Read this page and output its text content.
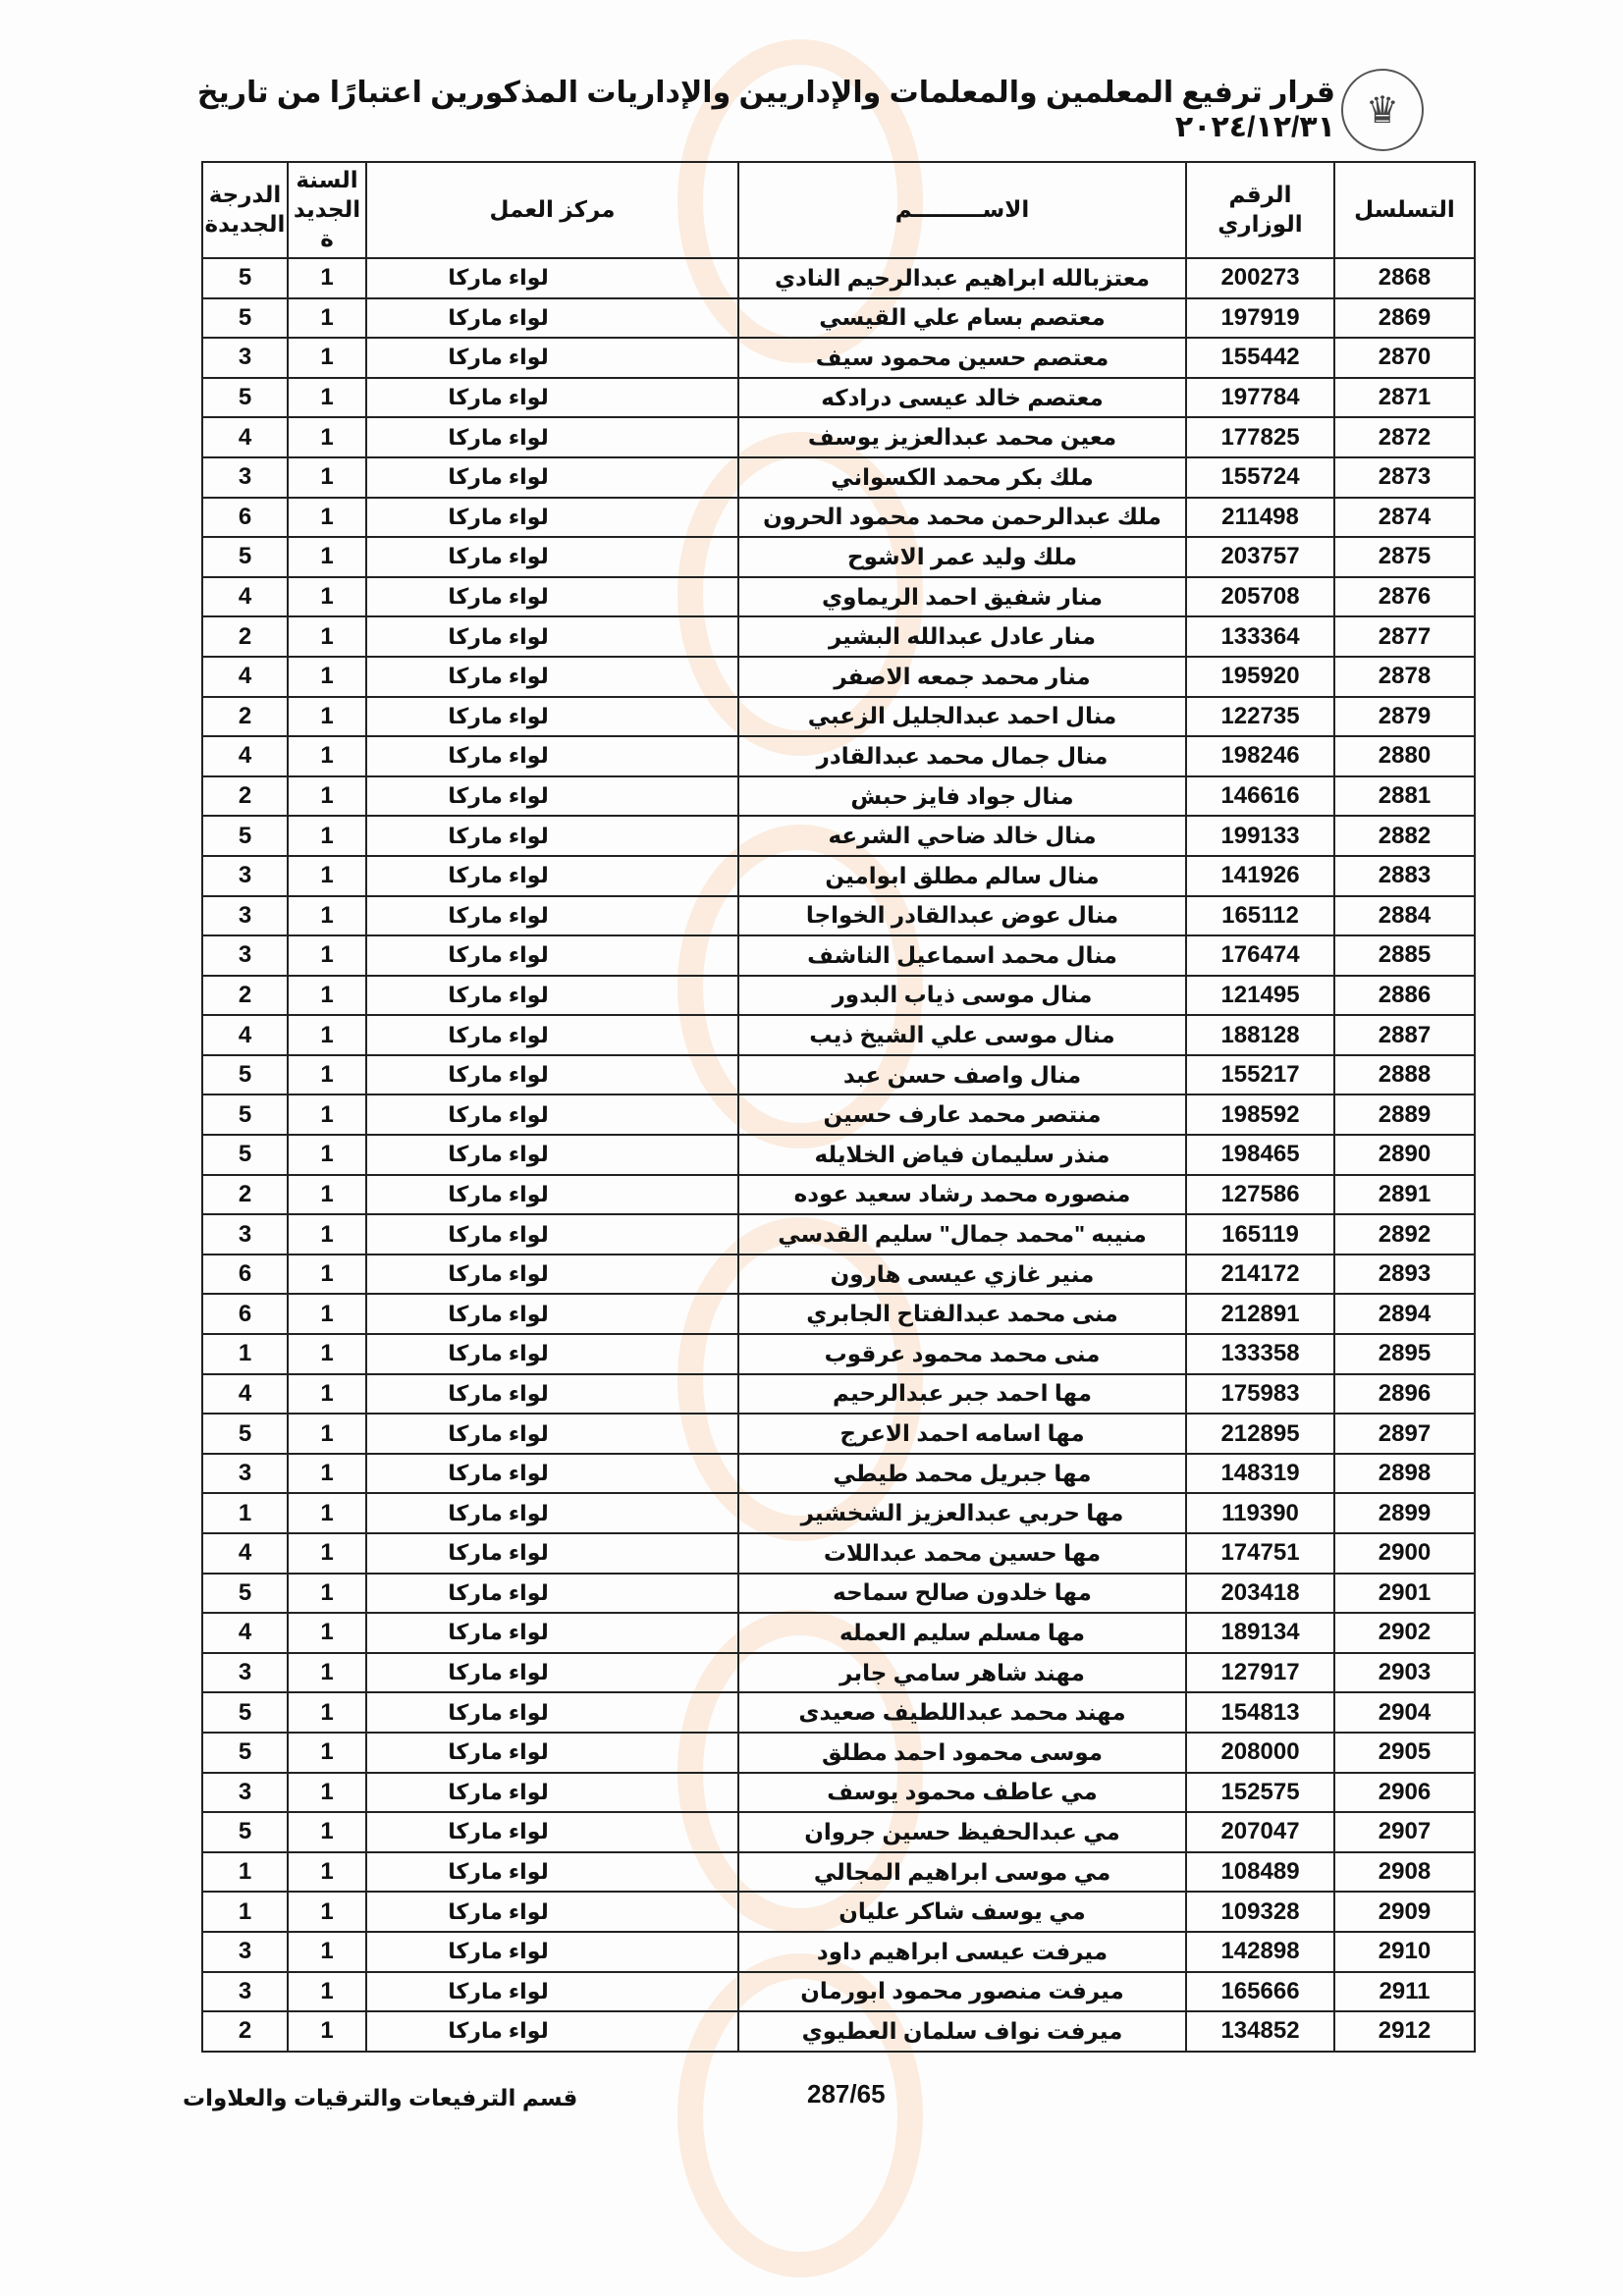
♛
قرار ترفيع المعلمين والمعلمات والإداريين والإداريات المذكورين اعتبارًا من تاريخ ٢٠٢٤/١٢/٣١
التسلسل	الرقم الوزاري	الاســـــــــم	مركز العمل	السنة الجديدة	الدرجة الجديدة
2868	200273	معتزبالله ابراهيم عبدالرحيم النادي	لواء ماركا	1	5
2869	197919	معتصم بسام علي القيسي	لواء ماركا	1	5
2870	155442	معتصم حسين محمود سيف	لواء ماركا	1	3
2871	197784	معتصم خالد عيسى درادكه	لواء ماركا	1	5
2872	177825	معين محمد عبدالعزيز يوسف	لواء ماركا	1	4
2873	155724	ملك بكر محمد الكسواني	لواء ماركا	1	3
2874	211498	ملك عبدالرحمن محمد محمود الحرون	لواء ماركا	1	6
2875	203757	ملك وليد عمر الاشوح	لواء ماركا	1	5
2876	205708	منار شفيق احمد الريماوي	لواء ماركا	1	4
2877	133364	منار عادل عبدالله البشير	لواء ماركا	1	2
2878	195920	منار محمد جمعه الاصفر	لواء ماركا	1	4
2879	122735	منال احمد عبدالجليل الزعبي	لواء ماركا	1	2
2880	198246	منال جمال محمد عبدالقادر	لواء ماركا	1	4
2881	146616	منال جواد فايز حبش	لواء ماركا	1	2
2882	199133	منال خالد ضاحي الشرعه	لواء ماركا	1	5
2883	141926	منال سالم مطلق ابوامين	لواء ماركا	1	3
2884	165112	منال عوض عبدالقادر الخواجا	لواء ماركا	1	3
2885	176474	منال محمد اسماعيل الناشف	لواء ماركا	1	3
2886	121495	منال موسى ذياب البدور	لواء ماركا	1	2
2887	188128	منال موسى علي الشيخ ذيب	لواء ماركا	1	4
2888	155217	منال واصف حسن عبد	لواء ماركا	1	5
2889	198592	منتصر محمد عارف حسين	لواء ماركا	1	5
2890	198465	منذر سليمان فياض الخلايله	لواء ماركا	1	5
2891	127586	منصوره محمد رشاد سعيد عوده	لواء ماركا	1	2
2892	165119	منيبه "محمد جمال" سليم القدسي	لواء ماركا	1	3
2893	214172	منير غازي عيسى هارون	لواء ماركا	1	6
2894	212891	منى محمد عبدالفتاح الجابري	لواء ماركا	1	6
2895	133358	منى محمد محمود عرقوب	لواء ماركا	1	1
2896	175983	مها احمد جبر عبدالرحيم	لواء ماركا	1	4
2897	212895	مها اسامه احمد الاعرج	لواء ماركا	1	5
2898	148319	مها جبريل محمد طيطي	لواء ماركا	1	3
2899	119390	مها حربي عبدالعزيز الشخشير	لواء ماركا	1	1
2900	174751	مها حسين محمد عبداللات	لواء ماركا	1	4
2901	203418	مها خلدون صالح سماحه	لواء ماركا	1	5
2902	189134	مها مسلم سليم العمله	لواء ماركا	1	4
2903	127917	مهند شاهر سامي جابر	لواء ماركا	1	3
2904	154813	مهند محمد عبداللطيف صعيدى	لواء ماركا	1	5
2905	208000	موسى محمود احمد مطلق	لواء ماركا	1	5
2906	152575	مي عاطف محمود يوسف	لواء ماركا	1	3
2907	207047	مي عبدالحفيظ حسين جروان	لواء ماركا	1	5
2908	108489	مي موسى ابراهيم المجالي	لواء ماركا	1	1
2909	109328	مي يوسف شاكر عليان	لواء ماركا	1	1
2910	142898	ميرفت عيسى ابراهيم داود	لواء ماركا	1	3
2911	165666	ميرفت منصور محمود ابورمان	لواء ماركا	1	3
2912	134852	ميرفت نواف سلمان العطيوي	لواء ماركا	1	2
287/65
قسم الترفيعات والترقيات والعلاوات
